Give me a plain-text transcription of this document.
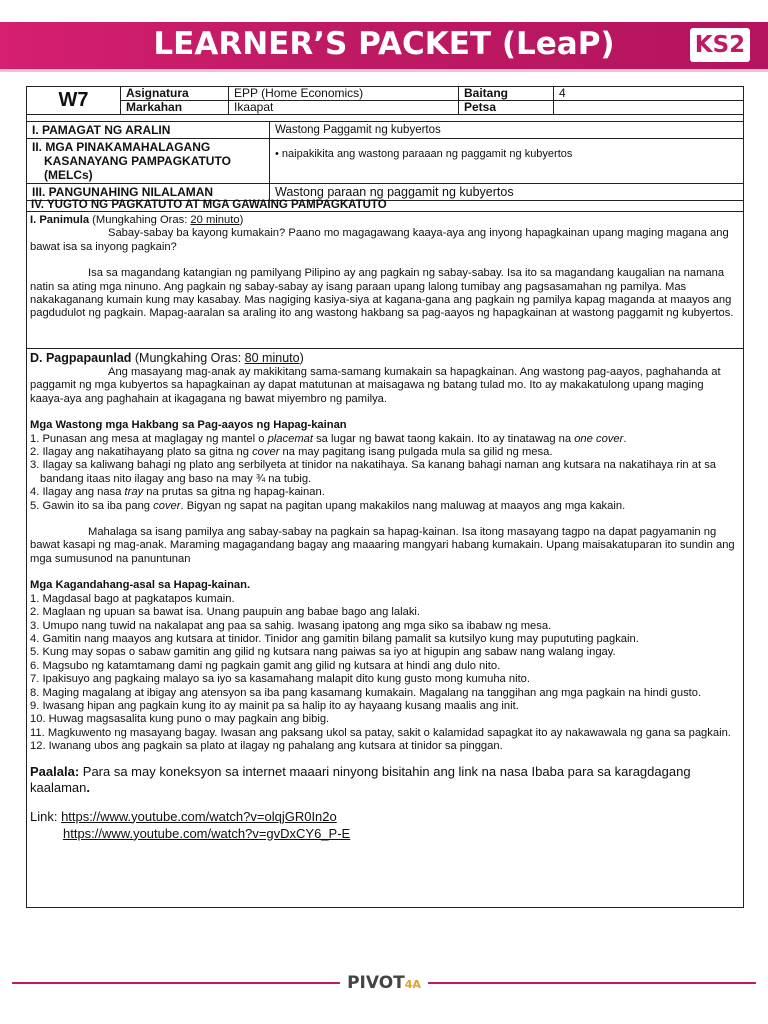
LEARNER’S PACKET (LeaP)	KS2
W7	Asignatura	EPP (Home Economics)	Baitang	4
	Markahan	Ikaapat	Petsa	
I. PAMAGAT NG ARALIN	Wastong Paggamit ng kubyertos

II. MGA PINAKAMAHALAGANG
KASANAYANG PAMPAGKATUTO
(MELCs)	• naipakikita ang wastong paraaan ng paggamit ng kubyertos
III. PANGUNAHING NILALAMAN	Wastong paraan ng paggamit ng kubyertos
IV. YUGTO NG PAGKATUTO AT MGA GAWAING PAMPAGKATUTO
I. Panimula (Mungkahing Oras: 20 minuto)

Sabay-sabay ba kayong kumakain? Paano mo magagawang kaaya-aya ang inyong hapagkainan upang maging magana ang bawat isa sa inyong pagkain?

Isa sa magandang katangian ng pamilyang Pilipino ay ang pagkain ng sabay-sabay. Isa ito sa magandang kaugalian na namana natin sa ating mga ninuno. Ang pagkain ng sabay-sabay ay isang paraan upang lalong tumibay ang pagsasamahan ng pamilya. Mas nakakaganang kumain kung may kasabay. Mas nagiging kasiya-siya at kagana-gana ang pagkain ng pamilya kapag maganda at maayos ang pagdudulot ng pagkain. Mapag-aaralan sa araling ito ang wastong hakbang sa pag-aayos ng hapagkainan at wastong paggamit ng kubyertos.

D. Pagpapaunlad (Mungkahing Oras: 80 minuto)

Ang masayang mag-anak ay makikitang sama-samang kumakain sa hapagkainan. Ang wastong pag-aayos, paghahanda at paggamit ng mga kubyertos sa hapagkainan ay dapat matutunan at maisagawa ng batang tulad mo. Ito ay makakatulong upang maging kaaya-aya ang paghahain at ikagagana ng bawat miyembro ng pamilya.

Mga Wastong mga Hakbang sa Pag-aayos ng Hapag-kainan
1. Punasan ang mesa at maglagay ng mantel o placemat sa lugar ng bawat taong kakain. Ito ay tinatawag na one cover.
2. Ilagay ang nakatihayang plato sa gitna ng cover na may pagitang isang pulgada mula sa gilid ng mesa.
3. Ilagay sa kaliwang bahagi ng plato ang serbilyeta at tinidor na nakatihaya. Sa kanang bahagi naman ang kutsara na nakatihaya rin at sa bandang itaas nito ilagay ang baso na may ¾ na tubig.
4. Ilagay ang nasa tray na prutas sa gitna ng hapag-kainan.
5. Gawin ito sa iba pang cover. Bigyan ng sapat na pagitan upang makakilos nang maluwag at maayos ang mga kakain.

Mahalaga sa isang pamilya ang sabay-sabay na pagkain sa hapag-kainan. Isa itong masayang tagpo na dapat pagyamanin ng bawat kasapi ng mag-anak. Maraming magagandang bagay ang maaaring mangyari habang kumakain. Upang maisakatuparan ito sundin ang mga sumusunod na panuntunan

Mga Kagandahang-asal sa Hapag-kainan.
1. Magdasal bago at pagkatapos kumain.
2. Maglaan ng upuan sa bawat isa. Unang paupuin ang babae bago ang lalaki.
3. Umupo nang tuwid na nakalapat ang paa sa sahig. Iwasang ipatong ang mga siko sa ibabaw ng mesa.
4. Gamitin nang maayos ang kutsara at tinidor. Tinidor ang gamitin bilang pamalit sa kutsilyo kung may pupututing pagkain.
5. Kung may sopas o sabaw gamitin ang gilid ng kutsara nang paiwas sa iyo at higupin ang sabaw nang walang ingay.
6. Magsubo ng katamtamang dami ng pagkain gamit ang gilid ng kutsara at hindi ang dulo nito.
7. Ipakisuyo ang pagkaing malayo sa iyo sa kasamahang malapit dito kung gusto mong kumuha nito.
8. Maging magalang at ibigay ang atensyon sa iba pang kasamang kumakain. Magalang na tanggihan ang mga pagkain na hindi gusto.
9. Iwasang hipan ang pagkain kung ito ay mainit pa sa halip ito ay hayaang kusang maalis ang init.
10. Huwag magsasalita kung puno o may pagkain ang bibig.
11. Magkuwento ng masayang bagay. Iwasan ang paksang ukol sa patay, sakit o kalamidad sapagkat ito ay nakawawala ng gana sa pagkain.
12. Iwanang ubos ang pagkain sa plato at ilagay ng pahalang ang kutsara at tinidor sa pinggan.
Paalala: Para sa may koneksyon sa internet maaari ninyong bisitahin ang link na nasa Ibaba para sa karagdagang kaalaman.
Link: https://www.youtube.com/watch?v=olqjGR0In2o
https://www.youtube.com/watch?v=gvDxCY6_P-E
PIVOT4A
